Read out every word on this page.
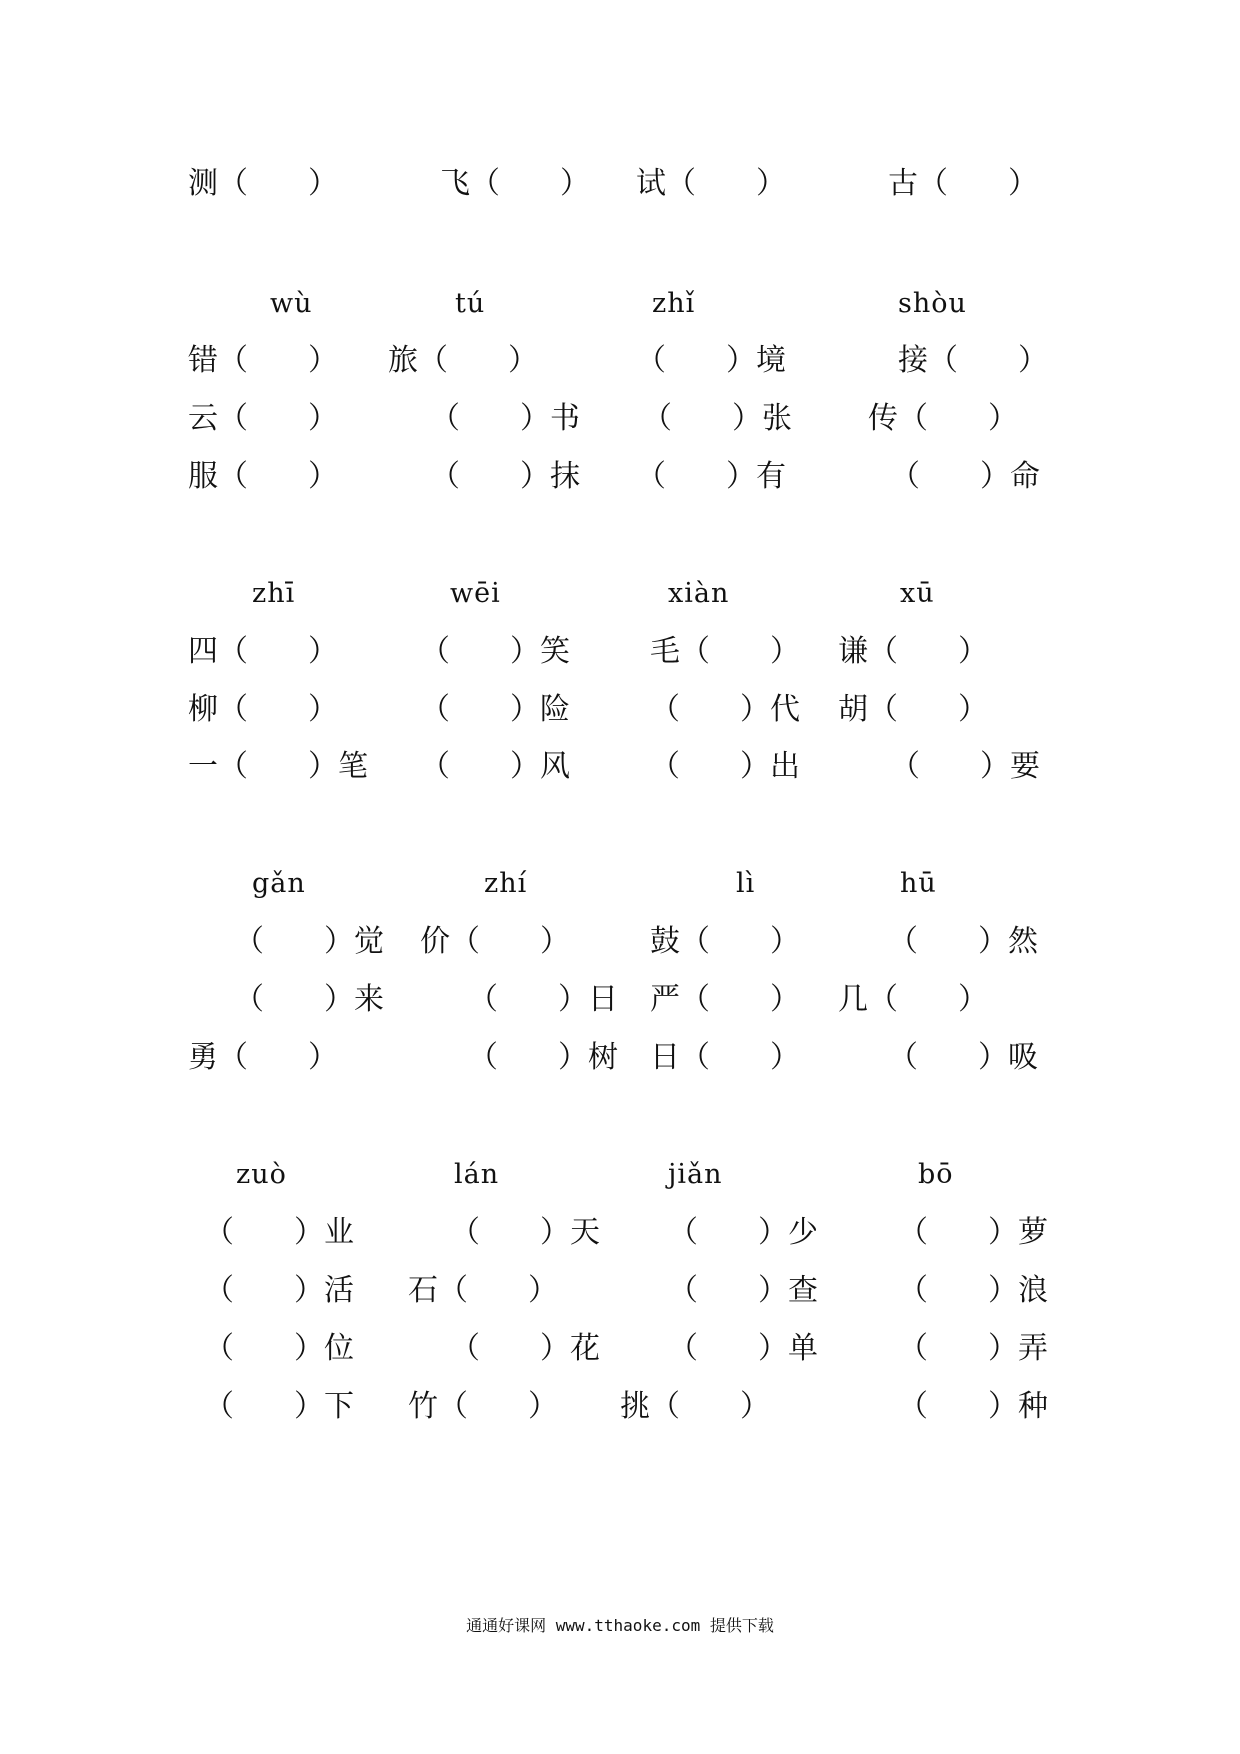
测（　　）	飞（　　） 试（　　）	古（　　）
wù	tú	zhǐ	shòu
错（　　） 旅（　　）	（　　）境	接（　　）
云（　　）	（　　）书 （　　）张	传（　　）
服（　　）	（　　）抹 （　　）有	（　　）命
zhī	wēi	xiàn	xū
四（　　）	（　　）笑	毛（　　） 谦（　　）
柳（　　）	（　　）险	（　　）代 胡（　　）
一（　　）笔 （　　）风	（　　）出	（　　）要
gǎn	zhí	lì	hū
（　　）觉 价（　　）	鼓（　　）	（　　）然
（　　）来	（　　）日 严（　　） 几（　　）
勇（　　）	（　　）树 日（　　）	（　　）吸
zuò	lán	jiǎn	bō
（　　）业	（　　）天 （　　）少	（　　）萝
（　　）活 石（　　）	（　　）查	（　　）浪
（　　）位	（　　）花 （　　）单	（　　）弄
（　　）下 竹（　　） 挑（　　）	（　　）种
通通好课网 www.tthaoke.com 提供下载
